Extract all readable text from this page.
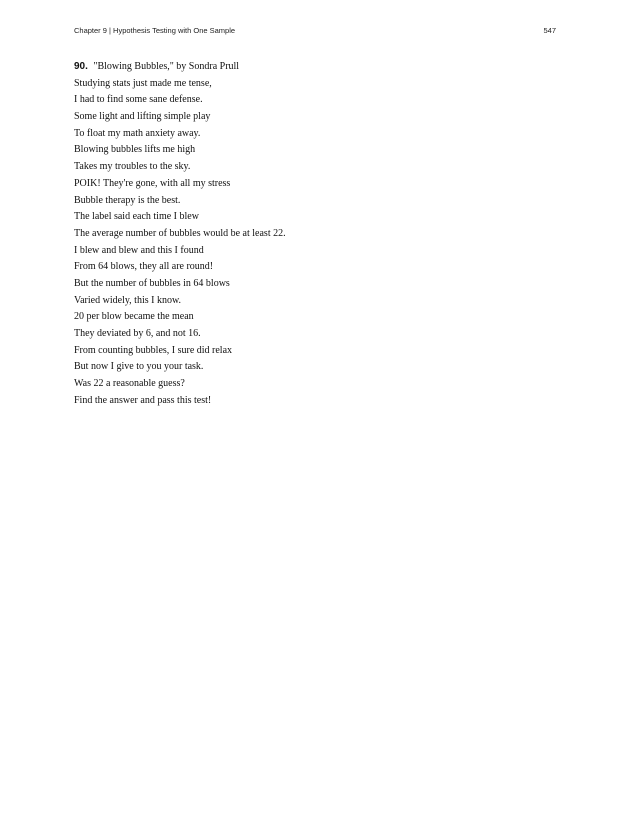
Chapter 9 | Hypothesis Testing with One Sample	547
90. "Blowing Bubbles," by Sondra Prull
Studying stats just made me tense,
I had to find some sane defense.
Some light and lifting simple play
To float my math anxiety away.
Blowing bubbles lifts me high
Takes my troubles to the sky.
POIK! They're gone, with all my stress
Bubble therapy is the best.
The label said each time I blew
The average number of bubbles would be at least 22.
I blew and blew and this I found
From 64 blows, they all are round!
But the number of bubbles in 64 blows
Varied widely, this I know.
20 per blow became the mean
They deviated by 6, and not 16.
From counting bubbles, I sure did relax
But now I give to you your task.
Was 22 a reasonable guess?
Find the answer and pass this test!
